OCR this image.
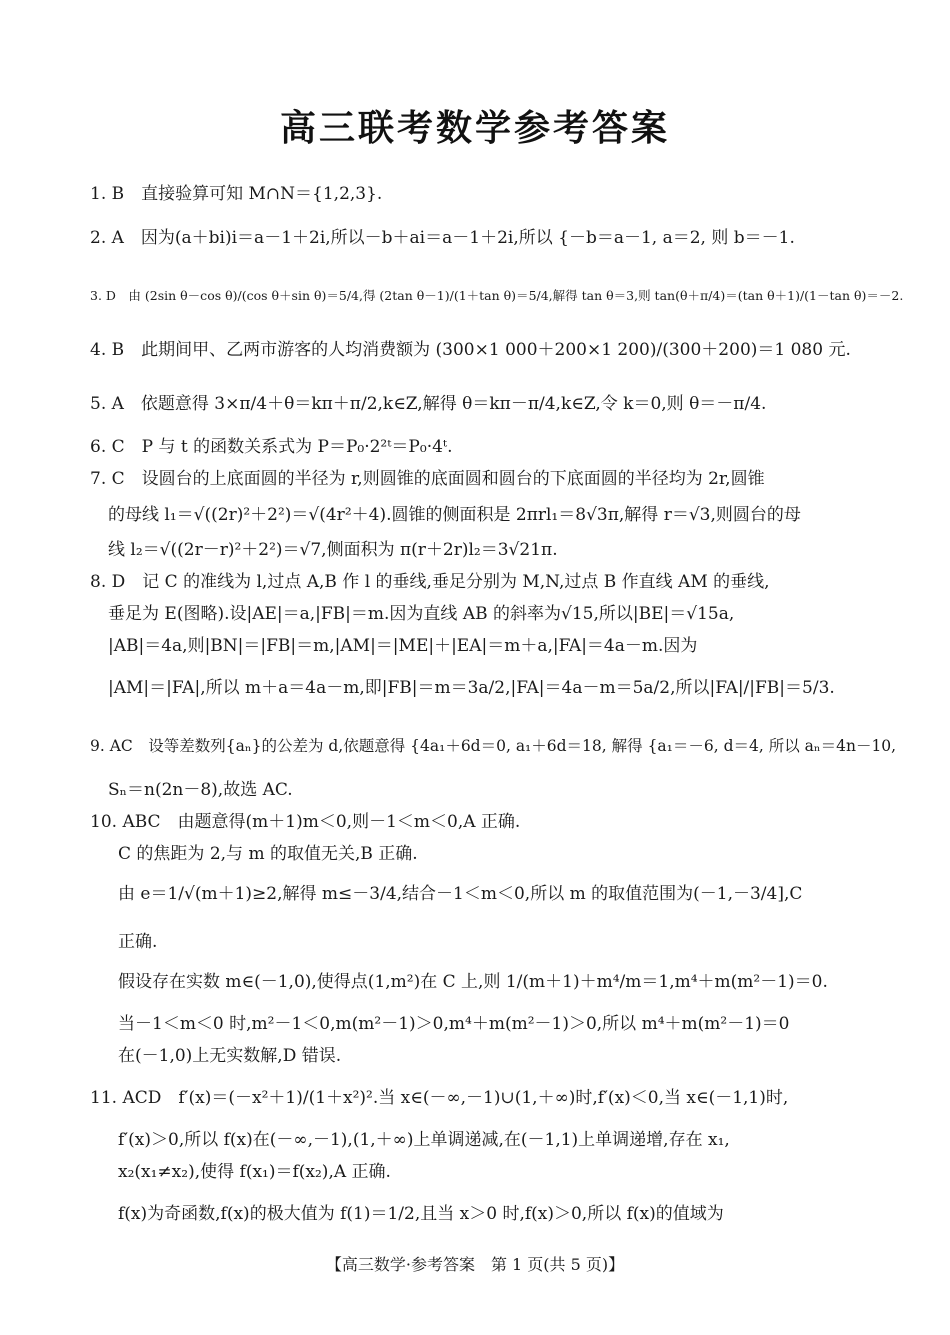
高三联考数学参考答案
1. B　直接验算可知 M∩N＝{1,2,3}.
2. A　因为(a＋bi)i＝a－1＋2i,所以－b＋ai＝a－1＋2i,所以 {－b＝a－1, a＝2, 则 b＝－1.
3. D　由 (2sin θ－cos θ)/(cos θ＋sin θ)＝5/4,得 (2tan θ－1)/(1＋tan θ)＝5/4,解得 tan θ＝3,则 tan(θ＋π/4)＝(tan θ＋1)/(1－tan θ)＝－2.
4. B　此期间甲、乙两市游客的人均消费额为 (300×1 000＋200×1 200)/(300＋200)＝1 080 元.
5. A　依题意得 3×π/4＋θ＝kπ＋π/2,k∈Z,解得 θ＝kπ－π/4,k∈Z,令 k＝0,则 θ＝－π/4.
6. C　P 与 t 的函数关系式为 P＝P₀·2²ᵗ＝P₀·4ᵗ.
7. C　设圆台的上底面圆的半径为 r,则圆锥的底面圆和圆台的下底面圆的半径均为 2r,圆锥
的母线 l₁＝√((2r)²＋2²)＝√(4r²＋4).圆锥的侧面积是 2πrl₁＝8√3π,解得 r＝√3,则圆台的母
线 l₂＝√((2r－r)²＋2²)＝√7,侧面积为 π(r＋2r)l₂＝3√21π.
8. D　记 C 的准线为 l,过点 A,B 作 l 的垂线,垂足分别为 M,N,过点 B 作直线 AM 的垂线,
垂足为 E(图略).设|AE|＝a,|FB|＝m.因为直线 AB 的斜率为√15,所以|BE|＝√15a,
|AB|＝4a,则|BN|＝|FB|＝m,|AM|＝|ME|＋|EA|＝m＋a,|FA|＝4a－m.因为
|AM|＝|FA|,所以 m＋a＝4a－m,即|FB|＝m＝3a/2,|FA|＝4a－m＝5a/2,所以|FA|/|FB|＝5/3.
9. AC　设等差数列{aₙ}的公差为 d,依题意得 {4a₁＋6d＝0, a₁＋6d＝18, 解得 {a₁＝－6, d＝4, 所以 aₙ＝4n－10,
Sₙ＝n(2n－8),故选 AC.
10. ABC　由题意得(m＋1)m＜0,则－1＜m＜0,A 正确.
C 的焦距为 2,与 m 的取值无关,B 正确.
由 e＝1/√(m＋1)≥2,解得 m≤－3/4,结合－1＜m＜0,所以 m 的取值范围为(－1,－3/4],C
正确.
假设存在实数 m∈(－1,0),使得点(1,m²)在 C 上,则 1/(m＋1)＋m⁴/m＝1,m⁴＋m(m²－1)＝0.
当－1＜m＜0 时,m²－1＜0,m(m²－1)＞0,m⁴＋m(m²－1)＞0,所以 m⁴＋m(m²－1)＝0
在(－1,0)上无实数解,D 错误.
11. ACD　f′(x)＝(－x²＋1)/(1＋x²)².当 x∈(－∞,－1)∪(1,＋∞)时,f′(x)＜0,当 x∈(－1,1)时,
f′(x)＞0,所以 f(x)在(－∞,－1),(1,＋∞)上单调递减,在(－1,1)上单调递增,存在 x₁,
x₂(x₁≠x₂),使得 f(x₁)＝f(x₂),A 正确.
f(x)为奇函数,f(x)的极大值为 f(1)＝1/2,且当 x＞0 时,f(x)＞0,所以 f(x)的值域为
【高三数学·参考答案　第 1 页(共 5 页)】
